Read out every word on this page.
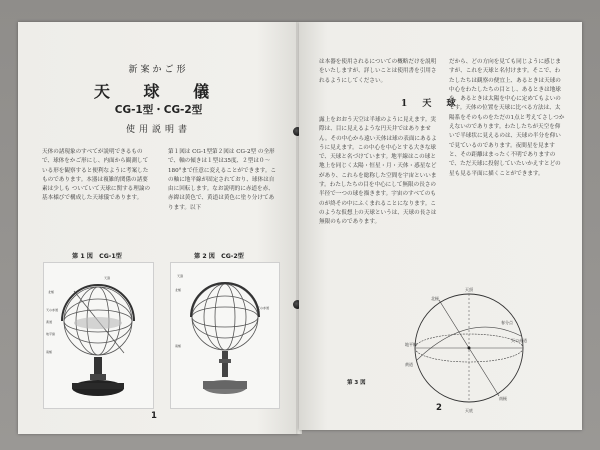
新案かご形
天 球 儀
CG-1型・CG-2型
使用説明書
天体の諸現象のすべてが説明できるもので、球体をかご形にし、内面から観測している形を観察すると便利なように考案したものであります。本器は複雑的関係の諸要素は少しも ついていて天球に関する理論の基本様びで構成した天球儀であります。
第１図は CG-1型第２図は CG-2型 の全形で、軸の傾きは１型は35度、２型は０〜180°まで任意に変えることができます。この軸に地平線が固定されており、球体は自由に回転します。なお説明的に赤道を赤、赤緯は黄色で、黄道は黄色に塗り分けてあります。以下
第 1 図　CG-1型	第 2 図　CG-2型
天頂
北極
天の赤道
黄道
地平線
南極
天頂
北極
天の赤道
南極
1
は本器を使用されるについての概略だけを説明をいたしますが、詳しいことは使用書を引用されるようにしてください。
1 天 球
露上をおおう天空は半球のように見えます。実際は、目に見えるような円天井ではありません。その中心から遠い天体は球の表面にあるように見えます。この中心を中心とする大きな球で、天球と名づけています。地平線はこの球と地上を同じく太陽・恒星・月・天体・惑星などがあり、これらを総称した空間を宇宙といいます。わたしたちの目を中心にして無限の長さの半径で一つの球を描きます。宇宙のすべてのものが終その中にふくまれることになります。このような仮想上の天球というは、天球の長さは無限のものであります。
だから、どの方向を見ても同じように感じますが、これを天球と名付けます。そこで、わたしたちは観察の便宜上、あるときは天球の中心をわたしたちの目とし、あるときは地球を、あるときは太陽を中心に定めてもよいのです。天体の位置を天球に比べる方法は、太陽系をそのものをただの1点と考えてさしつかえないのであります。わたしたちが天空を仰いで半球状に見えるのは、天球の半分を仰いで見ているのであります。夜間星を見ますと、その距離はまったく不明でありますので、ただ天球に投射していたいかえすとどの星も見る平面に描くことができます。
第 3 図
天頂
北極
春分点
天の赤道
黄道
地平線
南極
天底
2
